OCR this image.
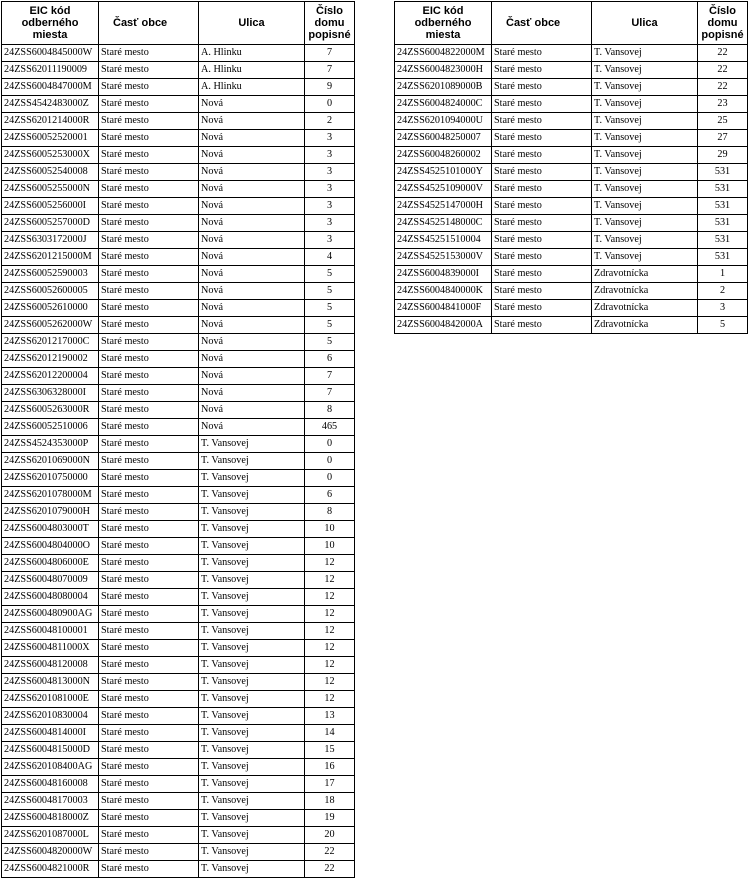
EIC kód odberného miesta	Časť obce	Ulica	Číslo domu popisné
24ZSS6004845000W	Staré mesto	A. Hlinku	7
24ZSS62011190009	Staré mesto	A. Hlinku	7
24ZSS6004847000M	Staré mesto	A. Hlinku	9
24ZSS4542483000Z	Staré mesto	Nová	0
24ZSS6201214000R	Staré mesto	Nová	2
24ZSS60052520001	Staré mesto	Nová	3
24ZSS6005253000X	Staré mesto	Nová	3
24ZSS60052540008	Staré mesto	Nová	3
24ZSS6005255000N	Staré mesto	Nová	3
24ZSS6005256000I	Staré mesto	Nová	3
24ZSS6005257000D	Staré mesto	Nová	3
24ZSS6303172000J	Staré mesto	Nová	3
24ZSS6201215000M	Staré mesto	Nová	4
24ZSS60052590003	Staré mesto	Nová	5
24ZSS60052600005	Staré mesto	Nová	5
24ZSS60052610000	Staré mesto	Nová	5
24ZSS6005262000W	Staré mesto	Nová	5
24ZSS6201217000C	Staré mesto	Nová	5
24ZSS62012190002	Staré mesto	Nová	6
24ZSS62012200004	Staré mesto	Nová	7
24ZSS6306328000I	Staré mesto	Nová	7
24ZSS6005263000R	Staré mesto	Nová	8
24ZSS60052510006	Staré mesto	Nová	465
24ZSS4524353000P	Staré mesto	T. Vansovej	0
24ZSS6201069000N	Staré mesto	T. Vansovej	0
24ZSS62010750000	Staré mesto	T. Vansovej	0
24ZSS6201078000M	Staré mesto	T. Vansovej	6
24ZSS6201079000H	Staré mesto	T. Vansovej	8
24ZSS6004803000T	Staré mesto	T. Vansovej	10
24ZSS6004804000O	Staré mesto	T. Vansovej	10
24ZSS6004806000E	Staré mesto	T. Vansovej	12
24ZSS60048070009	Staré mesto	T. Vansovej	12
24ZSS60048080004	Staré mesto	T. Vansovej	12
24ZSS600480900AG	Staré mesto	T. Vansovej	12
24ZSS60048100001	Staré mesto	T. Vansovej	12
24ZSS6004811000X	Staré mesto	T. Vansovej	12
24ZSS60048120008	Staré mesto	T. Vansovej	12
24ZSS6004813000N	Staré mesto	T. Vansovej	12
24ZSS6201081000E	Staré mesto	T. Vansovej	12
24ZSS62010830004	Staré mesto	T. Vansovej	13
24ZSS6004814000I	Staré mesto	T. Vansovej	14
24ZSS6004815000D	Staré mesto	T. Vansovej	15
24ZSS620108400AG	Staré mesto	T. Vansovej	16
24ZSS60048160008	Staré mesto	T. Vansovej	17
24ZSS60048170003	Staré mesto	T. Vansovej	18
24ZSS6004818000Z	Staré mesto	T. Vansovej	19
24ZSS6201087000L	Staré mesto	T. Vansovej	20
24ZSS6004820000W	Staré mesto	T. Vansovej	22
24ZSS6004821000R	Staré mesto	T. Vansovej	22
EIC kód odberného miesta	Časť obce	Ulica	Číslo domu popisné
24ZSS6004822000M	Staré mesto	T. Vansovej	22
24ZSS6004823000H	Staré mesto	T. Vansovej	22
24ZSS6201089000B	Staré mesto	T. Vansovej	22
24ZSS6004824000C	Staré mesto	T. Vansovej	23
24ZSS6201094000U	Staré mesto	T. Vansovej	25
24ZSS60048250007	Staré mesto	T. Vansovej	27
24ZSS60048260002	Staré mesto	T. Vansovej	29
24ZSS4525101000Y	Staré mesto	T. Vansovej	531
24ZSS4525109000V	Staré mesto	T. Vansovej	531
24ZSS4525147000H	Staré mesto	T. Vansovej	531
24ZSS4525148000C	Staré mesto	T. Vansovej	531
24ZSS45251510004	Staré mesto	T. Vansovej	531
24ZSS4525153000V	Staré mesto	T. Vansovej	531
24ZSS6004839000I	Staré mesto	Zdravotnícka	1
24ZSS6004840000K	Staré mesto	Zdravotnícka	2
24ZSS6004841000F	Staré mesto	Zdravotnícka	3
24ZSS6004842000A	Staré mesto	Zdravotnícka	5
